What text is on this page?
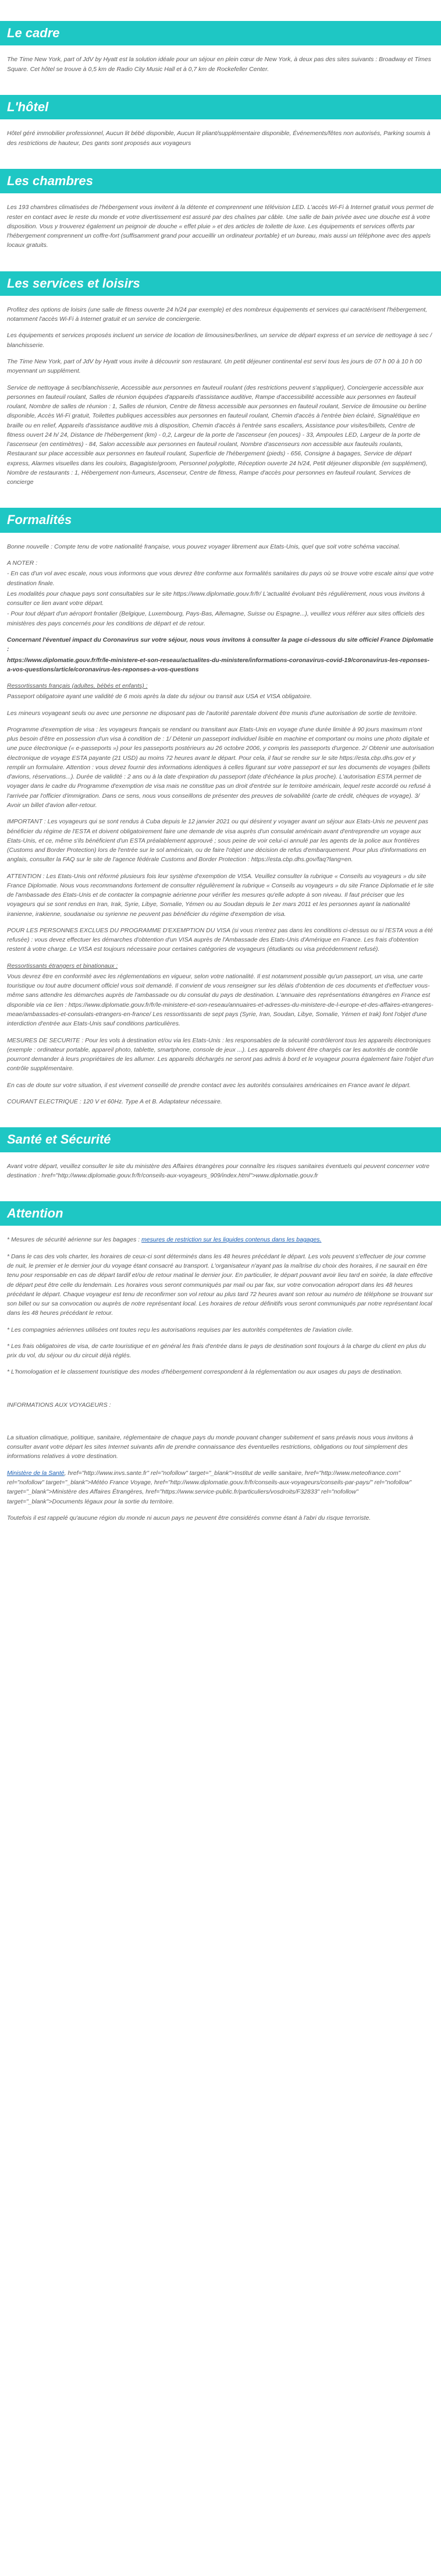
Le cadre

The Time New York, part of JdV by Hyatt est la solution idéale pour un séjour en plein cœur de New York, à deux pas des sites suivants : Broadway et Times Square. Cet hôtel se trouve à 0,5 km de Radio City Music Hall et à 0,7 km de Rockefeller Center.

L'hôtel

Hôtel géré immobilier professionnel, Aucun lit bébé disponible, Aucun lit pliant/supplémentaire disponible, Événements/fêtes non autorisés, Parking soumis à des restrictions de hauteur, Des gants sont proposés aux voyageurs

Les chambres

Les 193 chambres climatisées de l'hébergement vous invitent à la détente et comprennent une télévision LED. L'accès Wi-Fi à Internet gratuit vous permet de rester en contact avec le reste du monde et votre divertissement est assuré par des chaînes par câble. Une salle de bain privée avec une douche est à votre disposition. Vous y trouverez également un peignoir de douche « effet pluie » et des articles de toilette de luxe. Les équipements et services offerts par l'hébergement comprennent un coffre-fort (suffisamment grand pour accueillir un ordinateur portable) et un bureau, mais aussi un téléphone avec des appels locaux gratuits.

Les services et loisirs

Profitez des options de loisirs (une salle de fitness ouverte 24 h/24 par exemple) et des nombreux équipements et services qui caractérisent l'hébergement, notamment l'accès Wi-Fi à Internet gratuit et un service de conciergerie.

Les équipements et services proposés incluent un service de location de limousines/berlines, un service de départ express et un service de nettoyage à sec / blanchisserie.

The Time New York, part of JdV by Hyatt vous invite à découvrir son restaurant. Un petit déjeuner continental est servi tous les jours de 07 h 00 à 10 h 00 moyennant un supplément.

Service de nettoyage à sec/blanchisserie, Accessible aux personnes en fauteuil roulant (des restrictions peuvent s'appliquer), Conciergerie accessible aux personnes en fauteuil roulant, Salles de réunion équipées d'appareils d'assistance auditive, Rampe d'accessibilité accessible aux personnes en fauteuil roulant, Nombre de salles de réunion : 1, Salles de réunion, Centre de fitness accessible aux personnes en fauteuil roulant, Service de limousine ou berline disponible, Accès Wi-Fi gratuit, Toilettes publiques accessibles aux personnes en fauteuil roulant, Chemin d'accès à l'entrée bien éclairé, Signalétique en braille ou en relief, Appareils d'assistance auditive mis à disposition, Chemin d'accès à l'entrée sans escaliers, Assistance pour visites/billets, Centre de fitness ouvert 24 h/ 24, Distance de l'hébergement (km) - 0,2, Largeur de la porte de l'ascenseur (en pouces) - 33, Ampoules LED, Largeur de la porte de l'ascenseur (en centimètres) - 84, Salon accessible aux personnes en fauteuil roulant, Nombre d'ascenseurs non accessible aux fauteuils roulants, Restaurant sur place accessible aux personnes en fauteuil roulant, Superficie de l'hébergement (pieds) - 656, Consigne à bagages, Service de départ express, Alarmes visuelles dans les couloirs, Bagagiste/groom, Personnel polyglotte, Réception ouverte 24 h/24, Petit déjeuner disponible (en supplément), Nombre de restaurants : 1, Hébergement non-fumeurs, Ascenseur, Centre de fitness, Rampe d'accès pour personnes en fauteuil roulant, Services de concierge

Formalités

Bonne nouvelle : Compte tenu de votre nationalité française, vous pouvez voyager librement aux Etats-Unis, quel que soit votre schéma vaccinal.

A NOTER :

- En cas d'un vol avec escale, nous vous informons que vous devrez être conforme aux formalités sanitaires du pays où se trouve votre escale ainsi que votre destination finale.

Les modalités pour chaque pays sont consultables sur le site https://www.diplomatie.gouv.fr/fr/ L'actualité évoluant très régulièrement, nous vous invitons à consulter ce lien avant votre départ.

- Pour tout départ d'un aéroport frontalier (Belgique, Luxembourg, Pays-Bas, Allemagne, Suisse ou Espagne...), veuillez vous référer aux sites officiels des ministères des pays concernés pour les conditions de départ et de retour.

Concernant l'éventuel impact du Coronavirus sur votre séjour, nous vous invitons à consulter la page ci-dessous du site officiel France Diplomatie :

https://www.diplomatie.gouv.fr/fr/le-ministere-et-son-reseau/actualites-du-ministere/informations-coronavirus-covid-19/coronavirus-les-reponses-a-vos-questions/article/coronavirus-les-reponses-a-vos-questions

Ressortissants français (adultes, bébés et enfants) :

Passeport obligatoire ayant une validité de 6 mois après la date du séjour ou transit aux USA et VISA obligatoire.

Les mineurs voyageant seuls ou avec une personne ne disposant pas de l'autorité parentale doivent être munis d'une autorisation de sortie de territoire.

Programme d'exemption de visa : les voyageurs français se rendant ou transitant aux Etats-Unis en voyage d'une durée limitée à 90 jours maximum n'ont plus besoin d'être en possession d'un visa à condition de : 1/ Détenir un passeport individuel lisible en machine et comportant ou moins une photo digitale et une puce électronique (« e-passeports ») pour les passeports postérieurs au 26 octobre 2006, y compris les passeports d'urgence. 2/ Obtenir une autorisation électronique de voyage ESTA payante (21 USD) au moins 72 heures avant le départ. Pour cela, il faut se rendre sur le site https://esta.cbp.dhs.gov et y remplir un formulaire. Attention : vous devez fournir des informations identiques à celles figurant sur votre passeport et sur les documents de voyages (billets d'avions, réservations...). Durée de validité : 2 ans ou à la date d'expiration du passeport (date d'échéance la plus proche). L'autorisation ESTA permet de voyager dans le cadre du Programme d'exemption de visa mais ne constitue pas un droit d'entrée sur le territoire américain, lequel reste accordé ou refusé à l'arrivée par l'officier d'immigration. Dans ce sens, nous vous conseillons de présenter des preuves de solvabilité (carte de crédit, chèques de voyage). 3/ Avoir un billet d'avion aller-retour.

IMPORTANT : Les voyageurs qui se sont rendus à Cuba depuis le 12 janvier 2021 ou qui désirent y voyager avant un séjour aux Etats-Unis ne peuvent pas bénéficier du régime de l'ESTA et doivent obligatoirement faire une demande de visa auprès d'un consulat américain avant d'entreprendre un voyage aux Etats-Unis, et ce, même s'ils bénéficient d'un ESTA préalablement approuvé ; sous peine de voir celui-ci annulé par les agents de la police aux frontières (Customs and Border Protection) lors de l'entrée sur le sol américain, ou de faire l'objet une décision de refus d'embarquement. Pour plus d'informations en anglais, consulter la FAQ sur le site de l'agence fédérale Customs and Border Protection : https://esta.cbp.dhs.gov/faq?lang=en.

ATTENTION : Les Etats-Unis ont réformé plusieurs fois leur système d'exemption de VISA. Veuillez consulter la rubrique « Conseils au voyageurs » du site France Diplomatie. Nous vous recommandons fortement de consulter régulièrement la rubrique « Conseils au voyageurs » du site France Diplomatie et le site de l'ambassade des Etats-Unis et de contacter la compagnie aérienne pour vérifier les mesures qu'elle adopte à son niveau. Il faut préciser que les voyageurs qui se sont rendus en Iran, Irak, Syrie, Libye, Somalie, Yémen ou au Soudan depuis le 1er mars 2011 et les personnes ayant la nationalité iranienne, irakienne, soudanaise ou syrienne ne peuvent pas bénéficier du régime d'exemption de visa.

POUR LES PERSONNES EXCLUES DU PROGRAMME D'EXEMPTION DU VISA (si vous n'entrez pas dans les conditions ci-dessus ou si l'ESTA vous a été refusée) : vous devez effectuer les démarches d'obtention d'un VISA auprès de l'Ambassade des Etats-Unis d'Amérique en France. Les frais d'obtention restent à votre charge. Le VISA est toujours nécessaire pour certaines catégories de voyageurs (étudiants ou visa précédemment refusé).

Ressortissants étrangers et binationaux :

Vous devrez être en conformité avec les réglementations en vigueur, selon votre nationalité. Il est notamment possible qu'un passeport, un visa, une carte touristique ou tout autre document officiel vous soit demandé. Il convient de vous renseigner sur les délais d'obtention de ces documents et d'effectuer vous-même sans attendre les démarches auprès de l'ambassade ou du consulat du pays de destination. L'annuaire des représentations étrangères en France est disponible via ce lien : https://www.diplomatie.gouv.fr/fr/le-ministere-et-son-reseau/annuaires-et-adresses-du-ministere-de-l-europe-et-des-affaires-etrangeres-meae/ambassades-et-consulats-etrangers-en-france/ Les ressortissants de sept pays (Syrie, Iran, Soudan, Libye, Somalie, Yémen et Irak) font l'objet d'une interdiction d'entrée aux Etats-Unis sauf conditions particulières.

MESURES DE SECURITE : Pour les vols à destination et/ou via les Etats-Unis : les responsables de la sécurité contrôleront tous les appareils électroniques (exemple : ordinateur portable, appareil photo, tablette, smartphone, console de jeux ...). Les appareils doivent être chargés car les autorités de contrôle pourront demander à leurs propriétaires de les allumer. Les appareils déchargés ne seront pas admis à bord et le voyageur pourra également faire l'objet d'un contrôle supplémentaire.

En cas de doute sur votre situation, il est vivement conseillé de prendre contact avec les autorités consulaires américaines en France avant le départ.

COURANT ELECTRIQUE : 120 V et 60Hz. Type A et B. Adaptateur nécessaire.

Santé et Sécurité

Avant votre départ, veuillez consulter le site du ministère des Affaires étrangères pour connaître les risques sanitaires éventuels qui peuvent concerner votre destination : href="http://www.diplomatie.gouv.fr/fr/conseils-aux-voyageurs_909/index.html">www.diplomatie.gouv.fr

Attention

* Mesures de sécurité aérienne sur les bagages : mesures de restriction sur les liquides contenus dans les bagages.

* Dans le cas des vols charter, les horaires de ceux-ci sont déterminés dans les 48 heures précédant le départ. Les vols peuvent s'effectuer de jour comme de nuit, le premier et le dernier jour du voyage étant consacré au transport. L'organisateur n'ayant pas la maîtrise du choix des horaires, il ne saurait en être tenu pour responsable en cas de départ tardif et/ou de retour matinal le dernier jour. En particulier, le départ pouvant avoir lieu tard en soirée, la date effective de départ peut être celle du lendemain. Les horaires vous seront communiqués par mail ou par fax, sur votre convocation aéroport dans les 48 heures précédant le départ. Chaque voyageur est tenu de reconfirmer son vol retour au plus tard 72 heures avant son retour au numéro de téléphone se trouvant sur son billet ou sur sa convocation ou auprès de notre représentant local. Les horaires de retour définitifs vous seront communiqués par notre représentant local dans les 48 heures précédant le retour.

* Les compagnies aériennes utilisées ont toutes reçu les autorisations requises par les autorités compétentes de l'aviation civile.

* Les frais obligatoires de visa, de carte touristique et en général les frais d'entrée dans le pays de destination sont toujours à la charge du client en plus du prix du vol, du séjour ou du circuit déjà réglés.

* L'homologation et le classement touristique des modes d'hébergement correspondent à la réglementation ou aux usages du pays de destination.

INFORMATIONS AUX VOYAGEURS :

La situation climatique, politique, sanitaire, réglementaire de chaque pays du monde pouvant changer subitement et sans préavis nous vous invitons à consulter avant votre départ les sites Internet suivants afin de prendre connaissance des éventuelles restrictions, obligations ou tout simplement des informations relatives à votre destination.

Ministère de la Santé, href="http://www.invs.sante.fr" rel="nofollow" target="_blank">Institut de veille sanitaire, href="http://www.meteofrance.com" rel="nofollow" target="_blank">Météo France Voyage, href="http://www.diplomatie.gouv.fr/fr/conseils-aux-voyageurs/conseils-par-pays/" rel="nofollow" target="_blank">Ministère des Affaires Étrangères, href="https://www.service-public.fr/particuliers/vosdroits/F32833" rel="nofollow" target="_blank">Documents légaux pour la sortie du territoire.

Toutefois il est rappelé qu'aucune région du monde ni aucun pays ne peuvent être considérés comme étant à l'abri du risque terroriste.
